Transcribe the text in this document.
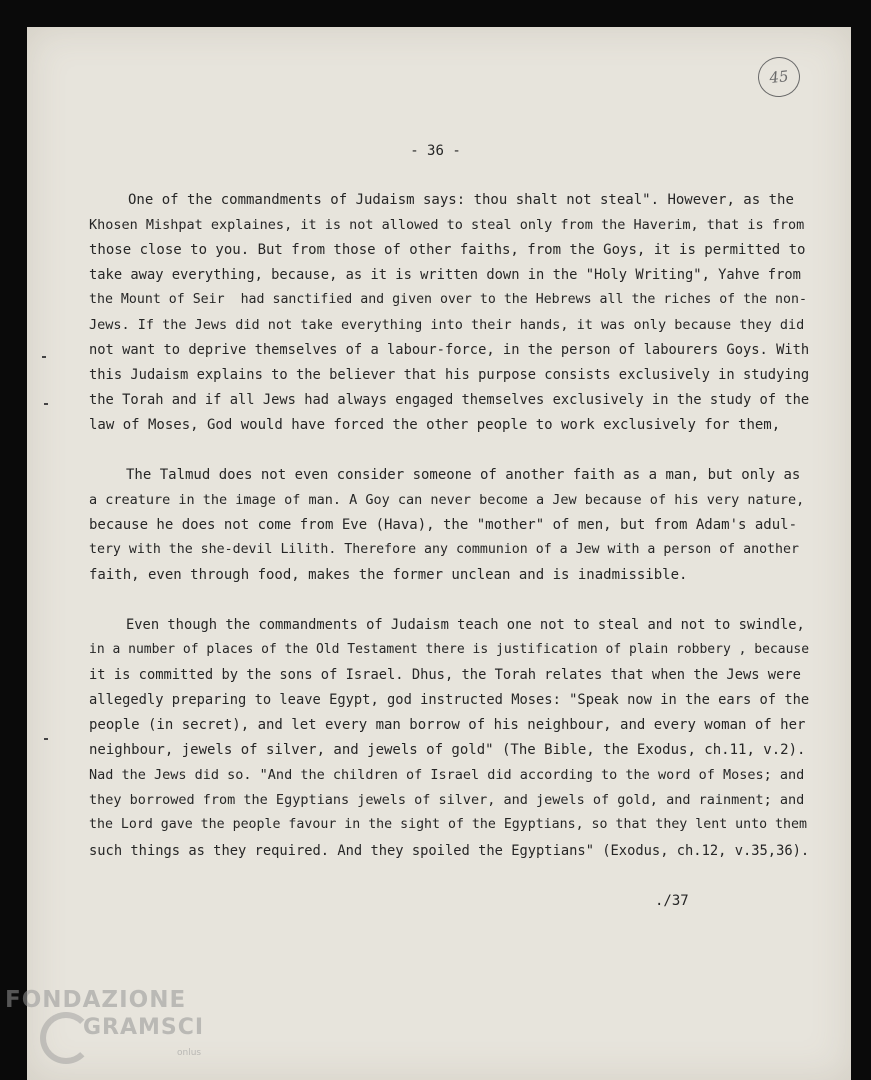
45
- 36 -
One of the commandments of Judaism says: thou shalt not steal". However, as the
Khosen Mishpat explaines, it is not allowed to steal only from the Haverim, that is from
those close to you. But from those of other faiths, from the Goys, it is permitted to
take away everything, because, as it is written down in the "Holy Writing", Yahve from
the Mount of Seir  had sanctified and given over to the Hebrews all the riches of the non-
Jews. If the Jews did not take everything into their hands, it was only because they did
not want to deprive themselves of a labour-force, in the person of labourers Goys. With
this Judaism explains to the believer that his purpose consists exclusively in studying
the Torah and if all Jews had always engaged themselves exclusively in the study of the
law of Moses, God would have forced the other people to work exclusively for them,
The Talmud does not even consider someone of another faith as a man, but only as
a creature in the image of man. A Goy can never become a Jew because of his very nature,
because he does not come from Eve (Hava), the "mother" of men, but from Adam's adul-
tery with the she-devil Lilith. Therefore any communion of a Jew with a person of another
faith, even through food, makes the former unclean and is inadmissible.
Even though the commandments of Judaism teach one not to steal and not to swindle,
in a number of places of the Old Testament there is justification of plain robbery , because
it is committed by the sons of Israel. Dhus, the Torah relates that when the Jews were
allegedly preparing to leave Egypt, god instructed Moses: "Speak now in the ears of the
people (in secret), and let every man borrow of his neighbour, and every woman of her
neighbour, jewels of silver, and jewels of gold" (The Bible, the Exodus, ch.11, v.2).
Nad the Jews did so. "And the children of Israel did according to the word of Moses; and
they borrowed from the Egyptians jewels of silver, and jewels of gold, and rainment; and
the Lord gave the people favour in the sight of the Egyptians, so that they lent unto them
such things as they required. And they spoiled the Egyptians" (Exodus, ch.12, v.35,36).
./37
FONDAZIONE
GRAMSCI
onlus
